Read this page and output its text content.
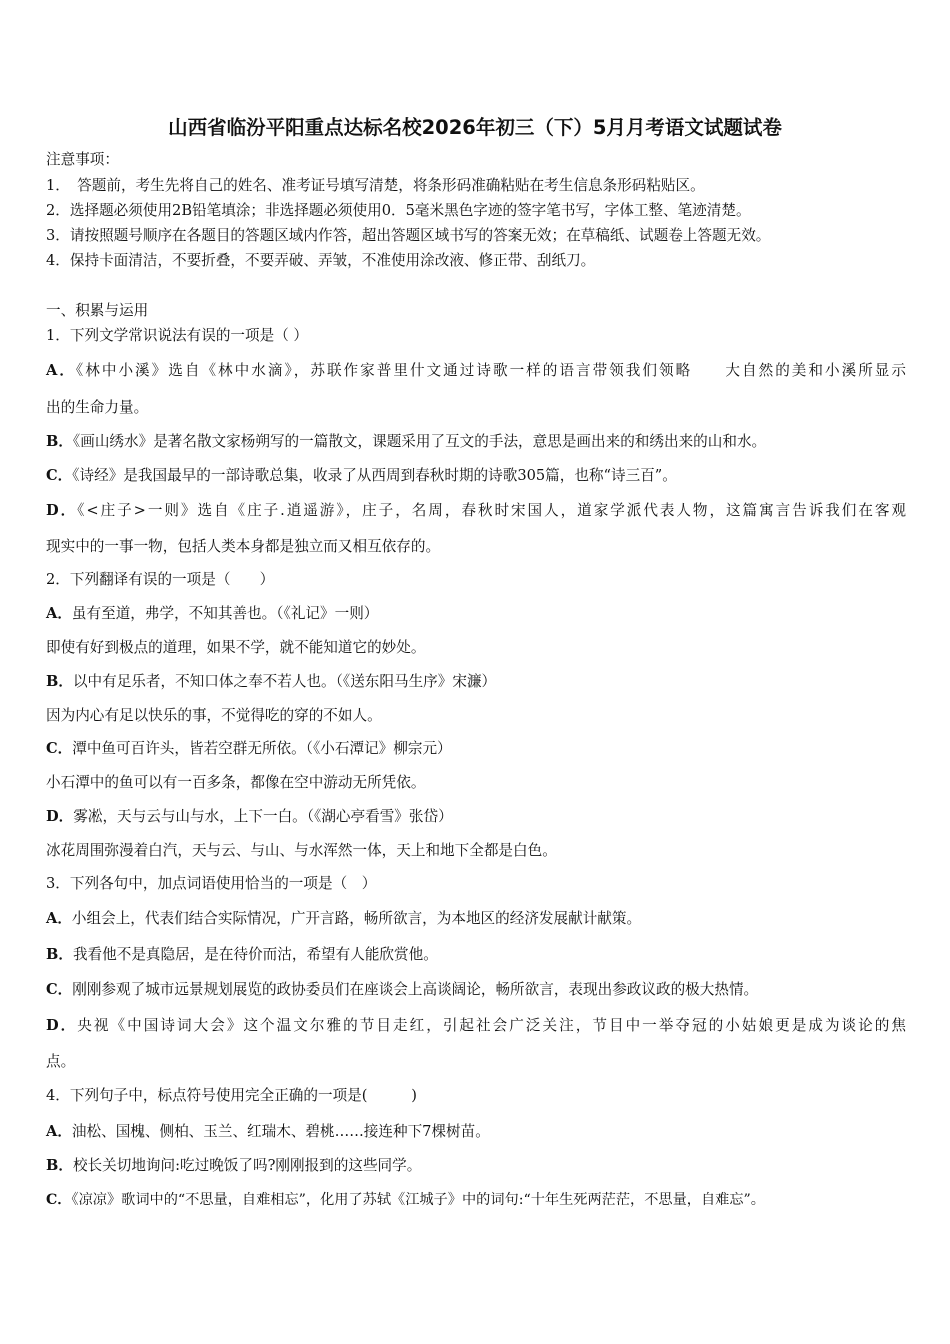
山西省临汾平阳重点达标名校2026年初三（下）5月月考语文试题试卷
注意事项：
1．　答题前，考生先将自己的姓名、准考证号填写清楚，将条形码准确粘贴在考生信息条形码粘贴区。
2．选择题必须使用2B铅笔填涂；非选择题必须使用0．5毫米黑色字迹的签字笔书写，字体工整、笔迹清楚。
3．请按照题号顺序在各题目的答题区域内作答，超出答题区域书写的答案无效；在草稿纸、试题卷上答题无效。
4．保持卡面清洁，不要折叠，不要弄破、弄皱，不准使用涂改液、修正带、刮纸刀。
一、积累与运用
1．下列文学常识说法有误的一项是（ ）
A．《林中小溪》选自《林中水滴》，苏联作家普里什文通过诗歌一样的语言带领我们领略　　大自然的美和小溪所显示
出的生命力量。
B．《画山绣水》是著名散文家杨朔写的一篇散文，课题采用了互文的手法，意思是画出来的和绣出来的山和水。
C．《诗经》是我国最早的一部诗歌总集，收录了从西周到春秋时期的诗歌305篇，也称“诗三百”。
D．《<庄子>一则》选自《庄子.逍遥游》，庄子，名周，春秋时宋国人，道家学派代表人物，这篇寓言告诉我们在客观
现实中的一事一物，包括人类本身都是独立而又相互依存的。
2．下列翻译有误的一项是（　　）
A．虽有至道，弗学，不知其善也。（《礼记》一则）
即使有好到极点的道理，如果不学，就不能知道它的妙处。
B．以中有足乐者，不知口体之奉不若人也。（《送东阳马生序》宋濂）
因为内心有足以快乐的事，不觉得吃的穿的不如人。
C．潭中鱼可百许头，皆若空群无所依。（《小石潭记》柳宗元）
小石潭中的鱼可以有一百多条，都像在空中游动无所凭依。
D．雾凇，天与云与山与水，上下一白。（《湖心亭看雪》张岱）
冰花周围弥漫着白汽，天与云、与山、与水浑然一体，天上和地下全都是白色。
3．下列各句中，加点词语使用恰当的一项是（　）
A．小组会上，代表们结合实际情况，广开言路，畅所欲言，为本地区的经济发展献计献策。
B．我看他不是真隐居，是在待价而沽，希望有人能欣赏他。
C．刚刚参观了城市远景规划展览的政协委员们在座谈会上高谈阔论，畅所欲言，表现出参政议政的极大热情。
D．央视《中国诗词大会》这个温文尔雅的节目走红，引起社会广泛关注，节目中一举夺冠的小姑娘更是成为谈论的焦
点。
4．下列句子中，标点符号使用完全正确的一项是(　　　)
A．油松、国槐、侧柏、玉兰、红瑞木、碧桃……接连种下7棵树苗。
B．校长关切地询问:吃过晚饭了吗?刚刚报到的这些同学。
C．《凉凉》歌词中的“不思量，自难相忘”，化用了苏轼《江城子》中的词句:“十年生死两茫茫，不思量，自难忘”。
